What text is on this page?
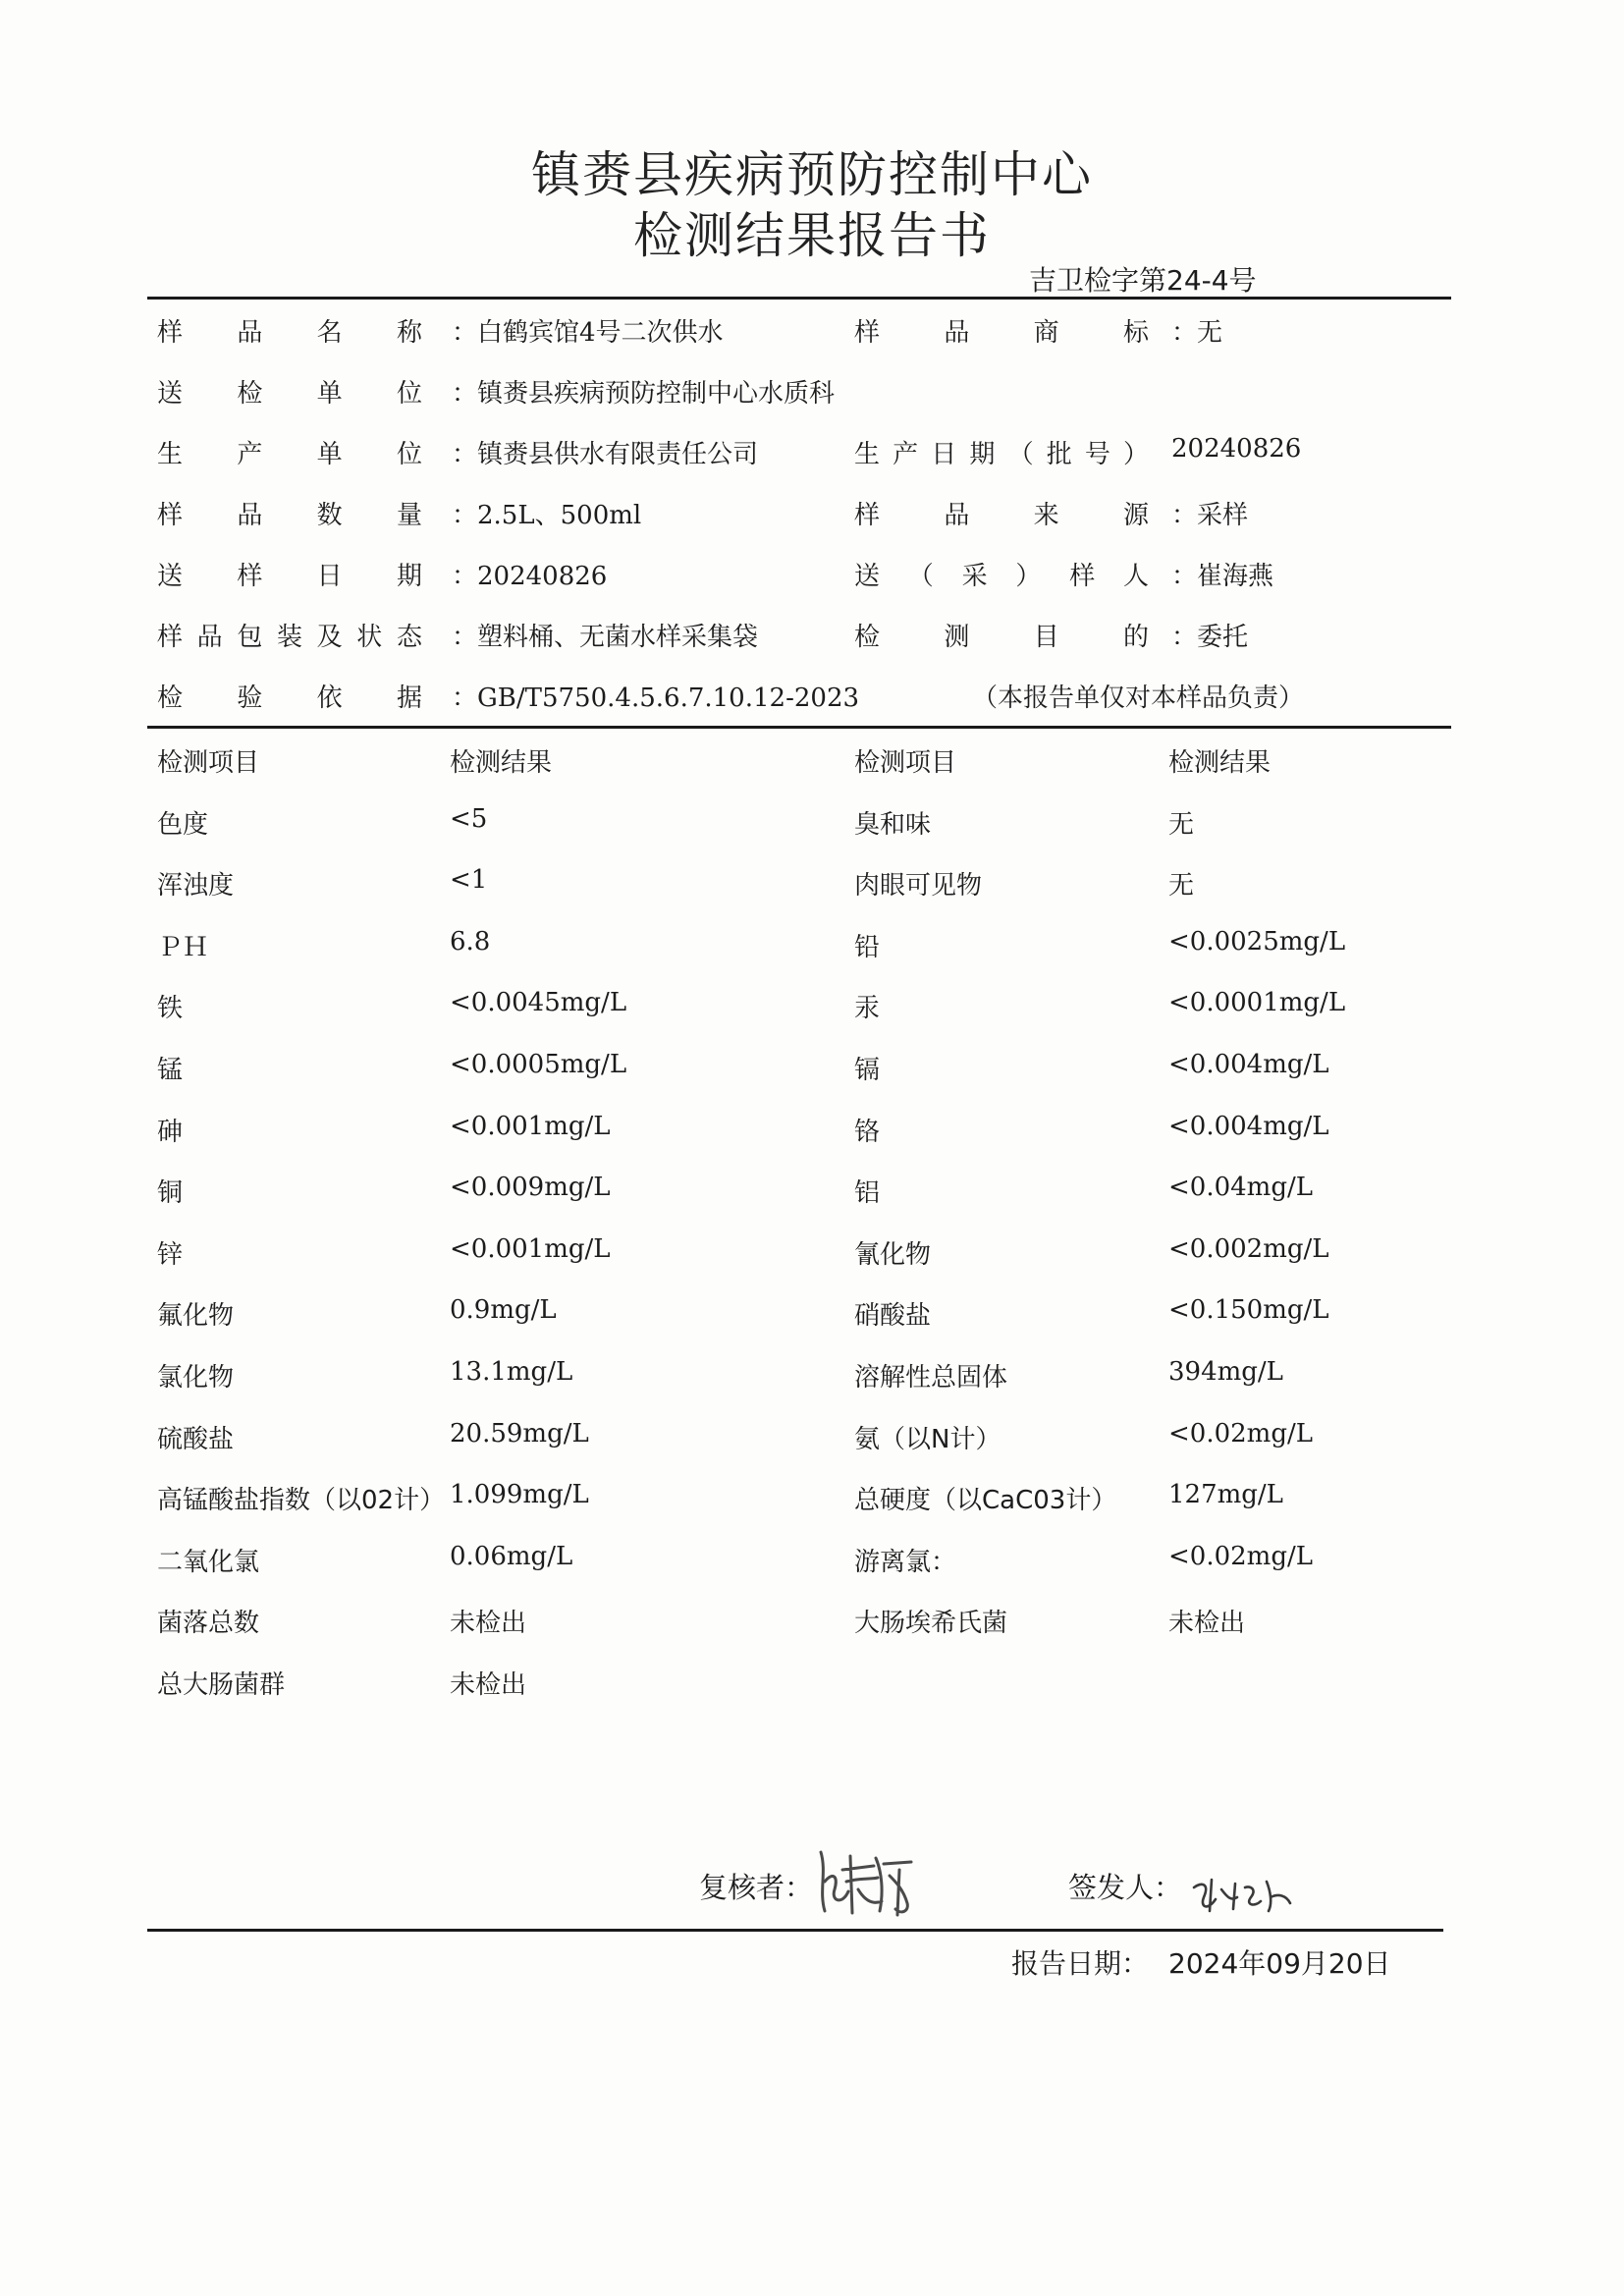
镇赉县疾病预防控制中心
检测结果报告书
吉卫检字第24-4号
样 品 名 称 ：白鹤宾馆4号二次供水	样	品	商	标 ：无
送 检 单 位 ：镇赉县疾病预防控制中心水质科
生 产 单 位 ：镇赉县供水有限责任公司	生 产 日 期 （ 批 号 ） 20240826
样 品 数 量 ：2.5L、500ml	样	品	来	源 ：采样
送 样 日 期 ：20240826	送 （ 采 ） 样 人 ：崔海燕
样 品 包 装 及 状 态 ：塑料桶、无菌水样采集袋	检	测	目	的 ：委托
检 验 依 据 ：GB/T5750.4.5.6.7.10.12-2023	（本报告单仅对本样品负责）
检测项目	检测结果	检测项目	检测结果
色度	<5	臭和味	无
浑浊度	<1	肉眼可见物	无
ＰＨ	6.8	铅	<0.0025mg/L
铁	<0.0045mg/L	汞	<0.0001mg/L
锰	<0.0005mg/L	镉	<0.004mg/L
砷	<0.001mg/L	铬	<0.004mg/L
铜	<0.009mg/L	铝	<0.04mg/L
锌	<0.001mg/L	氰化物	<0.002mg/L
氟化物	0.9mg/L	硝酸盐	<0.150mg/L
氯化物	13.1mg/L	溶解性总固体	394mg/L
硫酸盐	20.59mg/L	氨（以N计）	<0.02mg/L
高锰酸盐指数（以02计） 1.099mg/L	总硬度（以CaC03计） 127mg/L
二氧化氯	0.06mg/L	游离氯：	<0.02mg/L
菌落总数	未检出	大肠埃希氏菌	未检出
总大肠菌群	未检出
复核者：	签发人：
报告日期： 2024年09月20日
